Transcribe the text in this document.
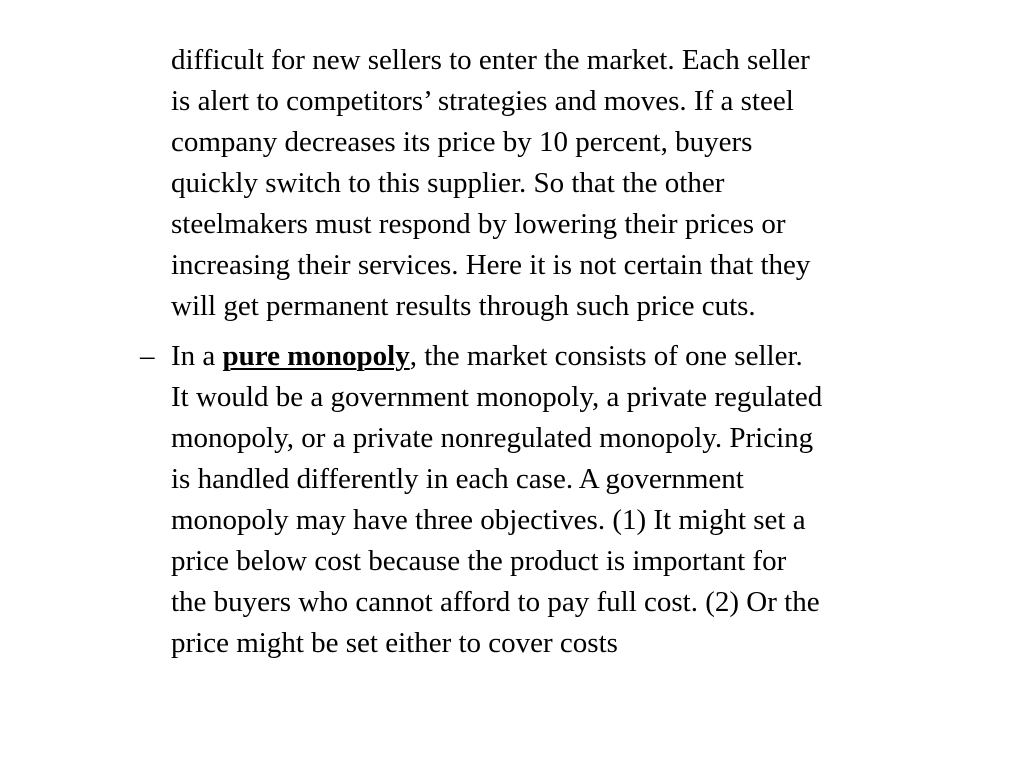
difficult for new sellers to enter the market. Each seller
is alert to competitors’ strategies and moves. If a steel
company decreases its price by 10 percent, buyers
quickly switch to this supplier. So that the other
steelmakers must respond by lowering their prices or
increasing their services. Here it is not certain that they
will get permanent results through such price cuts.
– In a pure monopoly, the market consists of one seller.
It would be a government monopoly, a private regulated
monopoly, or a private nonregulated monopoly. Pricing
is handled differently in each case. A government
monopoly may have three objectives. (1) It might set a
price below cost because the product is important for
the buyers who cannot afford to pay full cost. (2) Or the
price might be set either to cover costs
